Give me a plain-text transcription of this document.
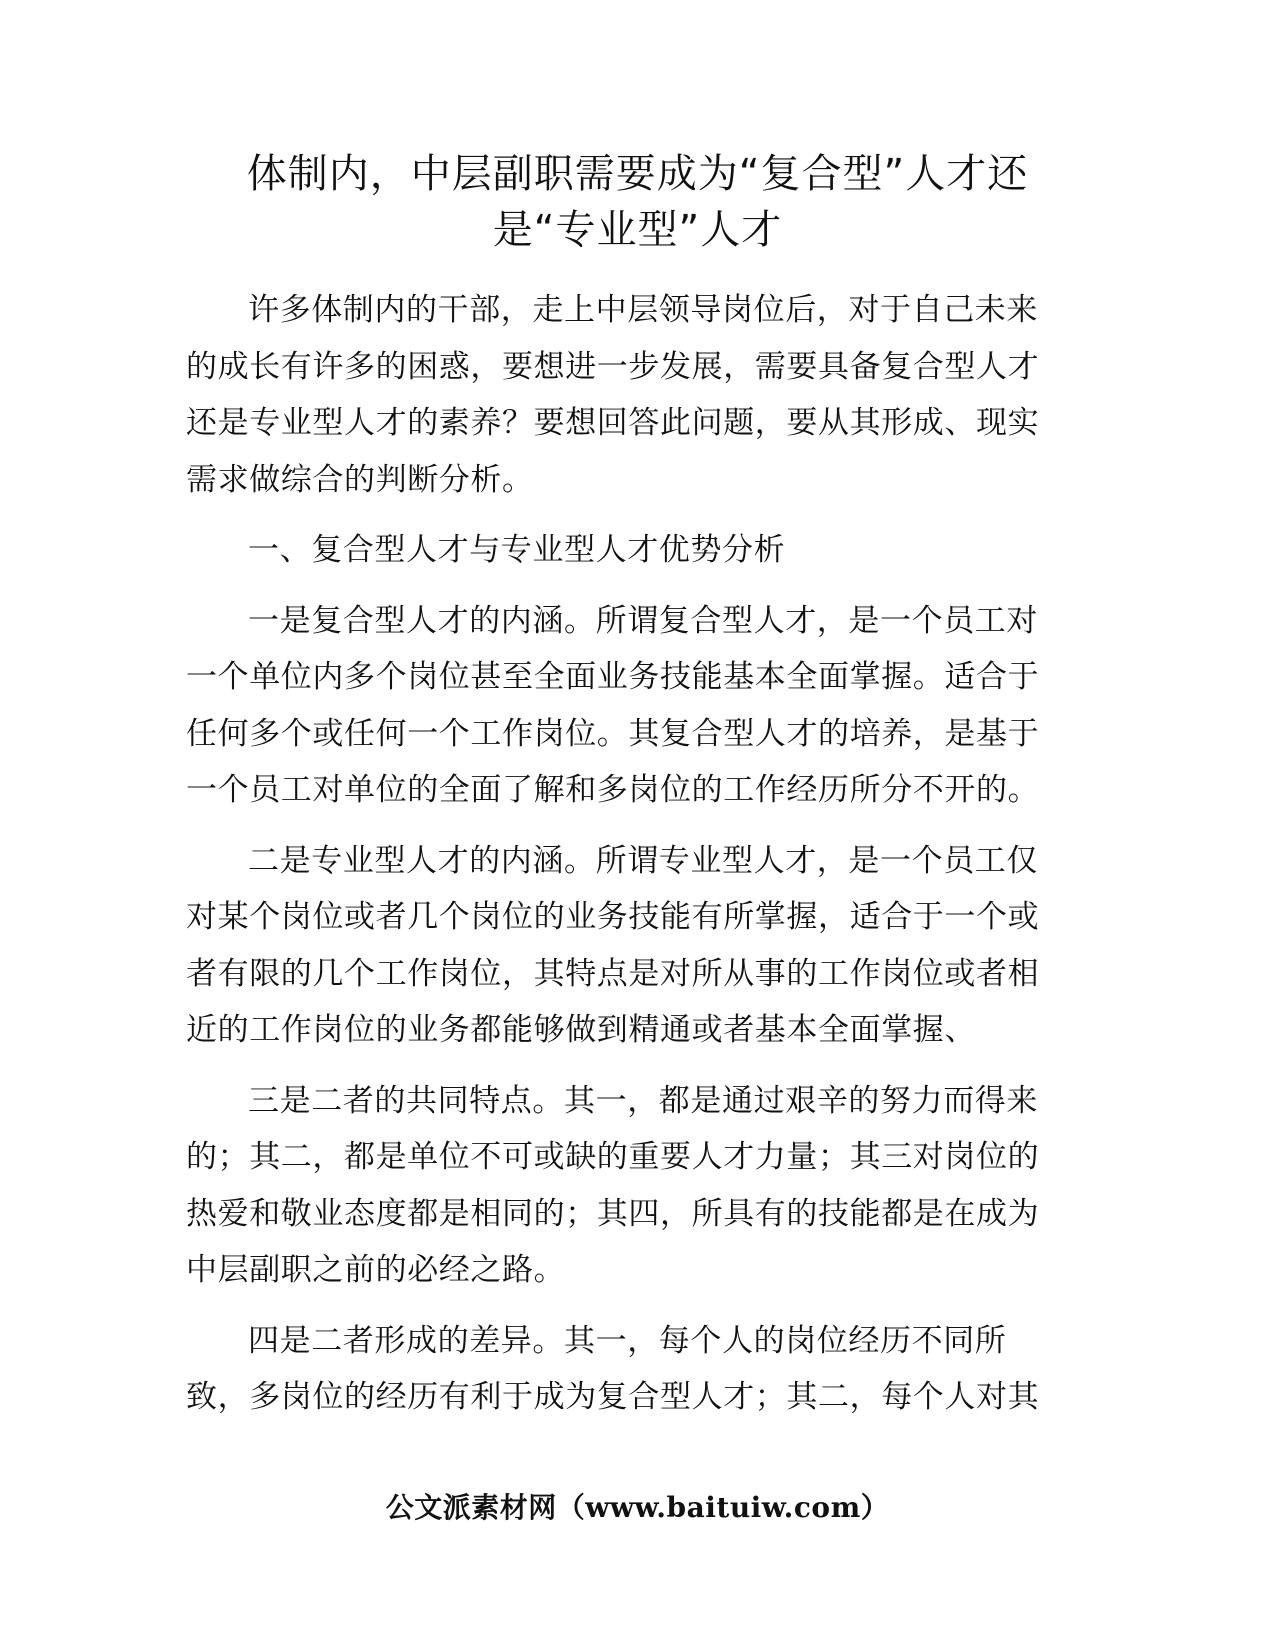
体制内，中层副职需要成为“复合型”人才还
是“专业型”人才

许多体制内的干部，走上中层领导岗位后，对于自己未来
的成长有许多的困惑，要想进一步发展，需要具备复合型人才
还是专业型人才的素养？要想回答此问题，要从其形成、现实
需求做综合的判断分析。

一、复合型人才与专业型人才优势分析

一是复合型人才的内涵。所谓复合型人才，是一个员工对
一个单位内多个岗位甚至全面业务技能基本全面掌握。适合于
任何多个或任何一个工作岗位。其复合型人才的培养，是基于
一个员工对单位的全面了解和多岗位的工作经历所分不开的。

二是专业型人才的内涵。所谓专业型人才，是一个员工仅
对某个岗位或者几个岗位的业务技能有所掌握，适合于一个或
者有限的几个工作岗位，其特点是对所从事的工作岗位或者相
近的工作岗位的业务都能够做到精通或者基本全面掌握、

三是二者的共同特点。其一，都是通过艰辛的努力而得来
的；其二，都是单位不可或缺的重要人才力量；其三对岗位的
热爱和敬业态度都是相同的；其四，所具有的技能都是在成为
中层副职之前的必经之路。

四是二者形成的差异。其一，每个人的岗位经历不同所
致，多岗位的经历有利于成为复合型人才；其二，每个人对其

公文派素材网（www.baituiw.com）
